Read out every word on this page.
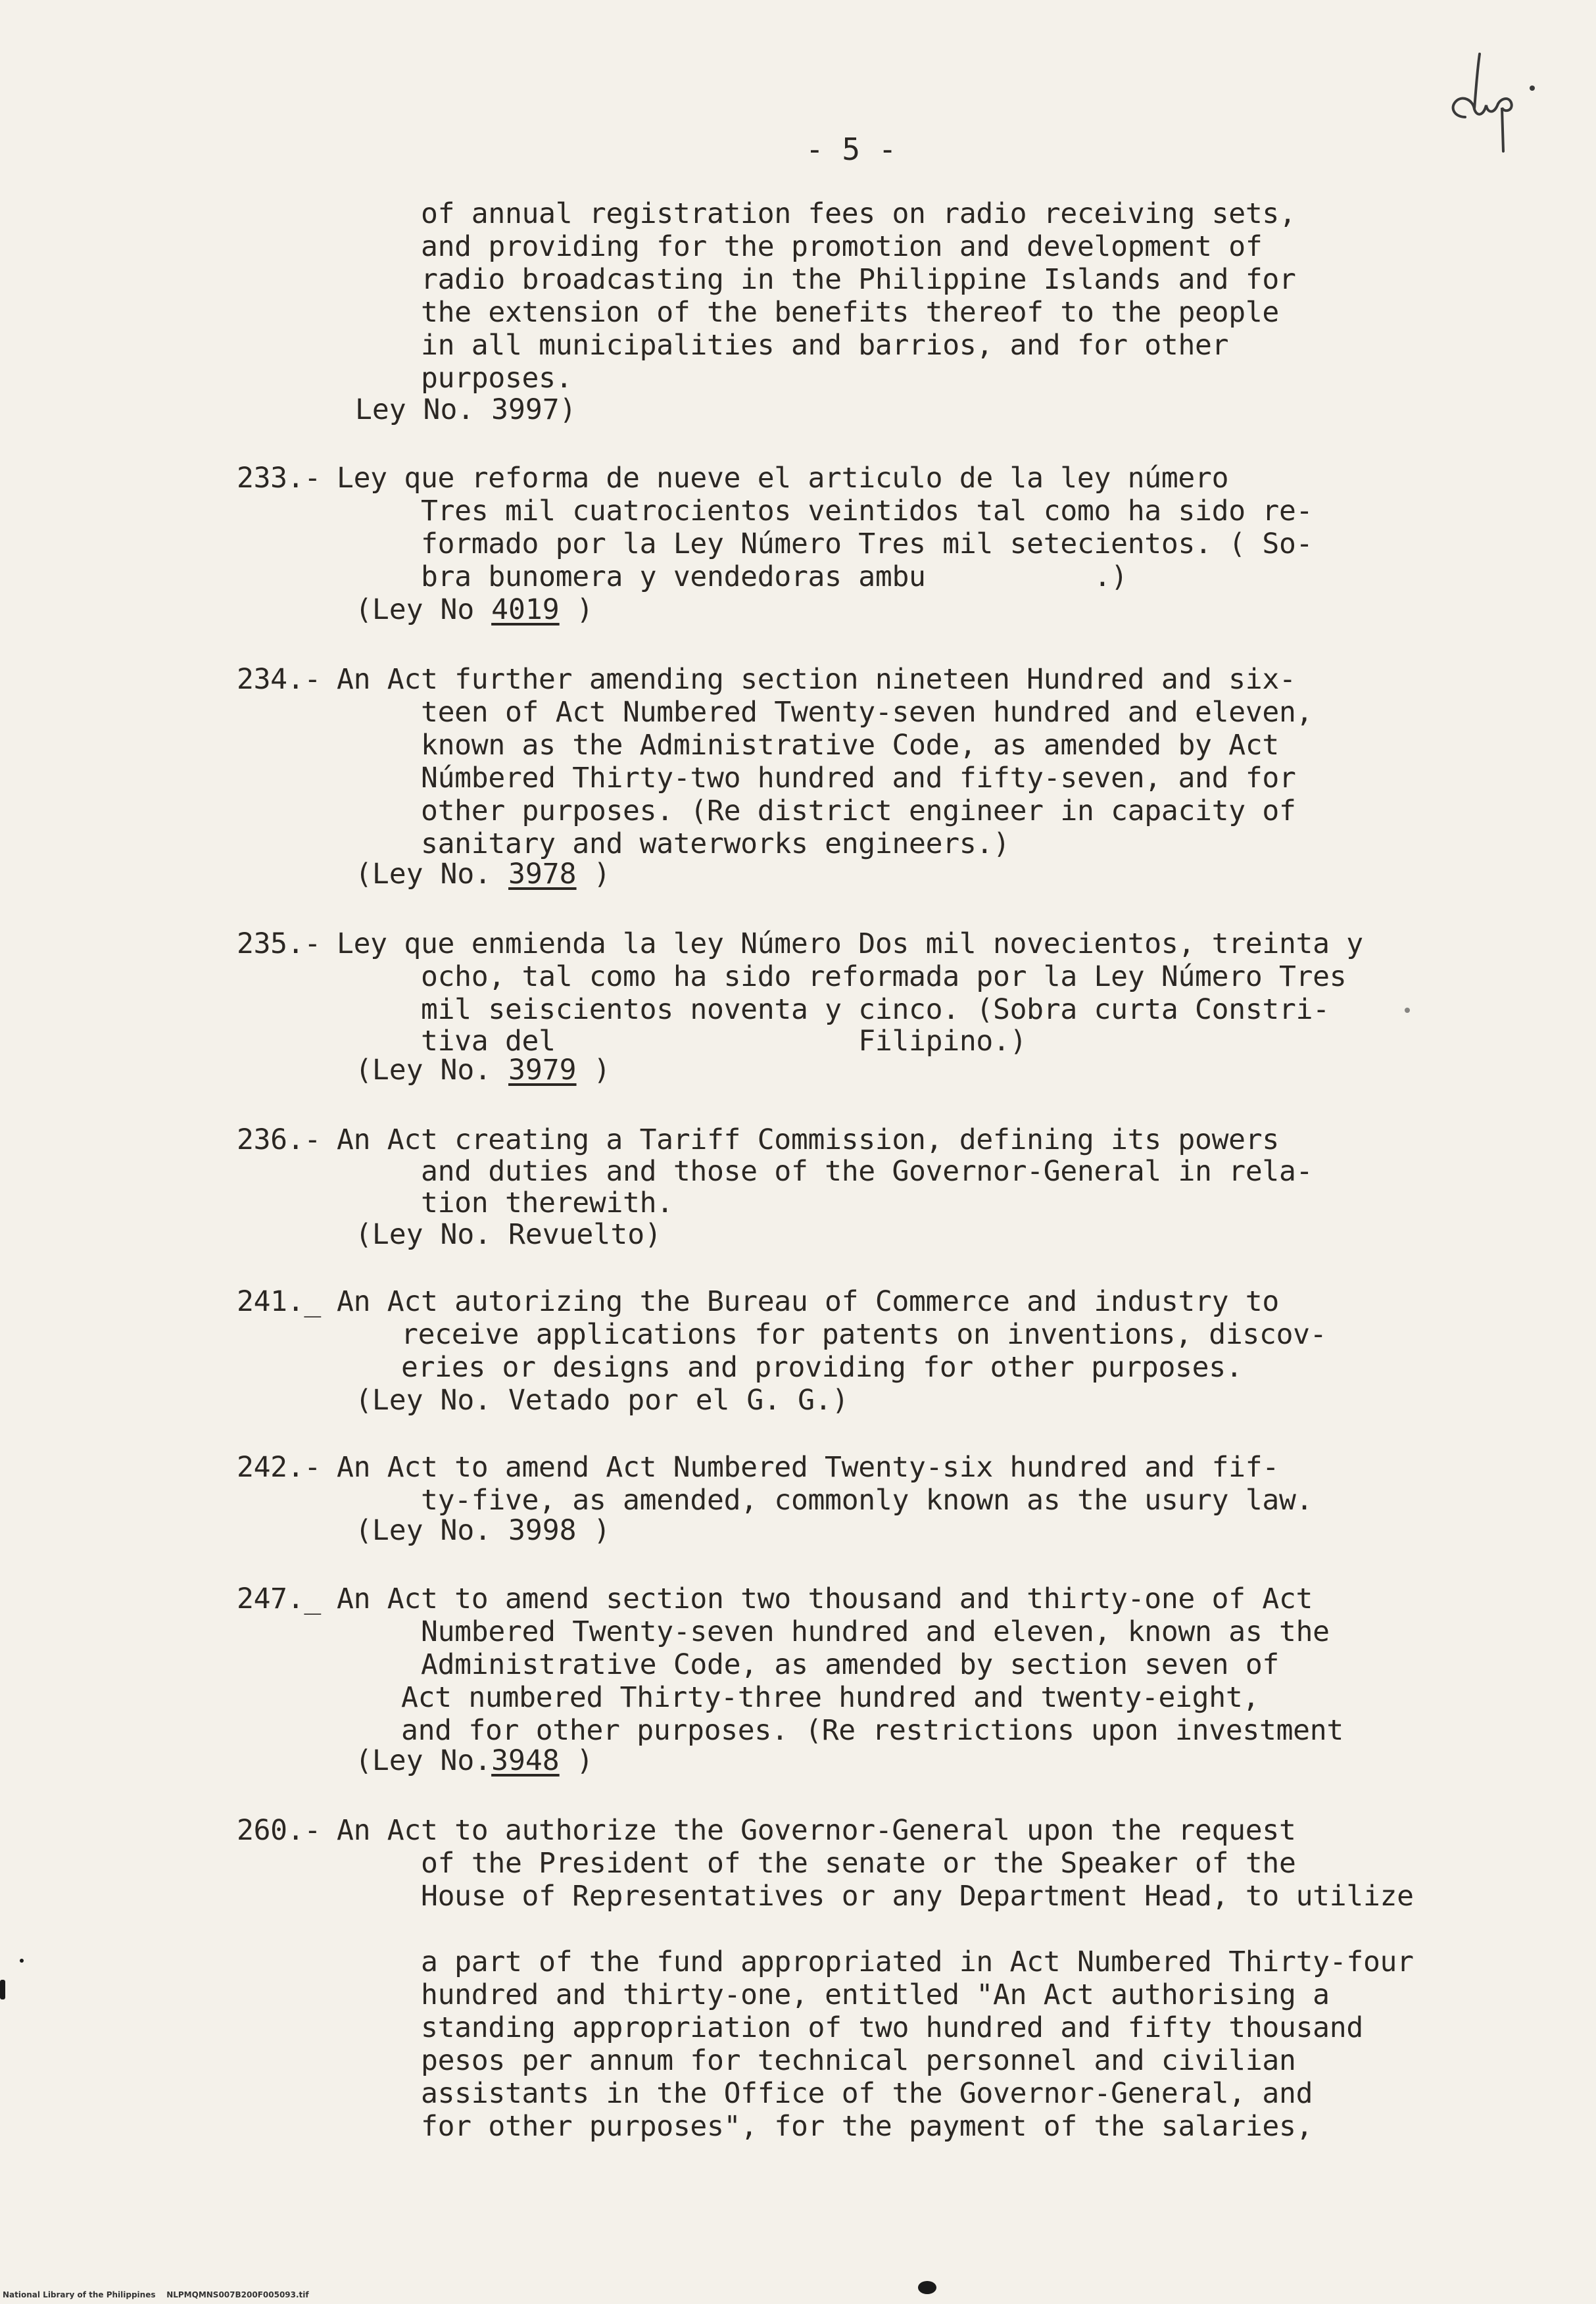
- 5 -
of annual registration fees on radio receiving sets,
and providing for the promotion and development of
radio broadcasting in the Philippine Islands and for
the extension of the benefits thereof to the people
in all municipalities and barrios, and for other
purposes.
Ley No. 3997)
233.- Ley que reforma de nueve el articulo de la ley número
Tres mil cuatrocientos veintidos tal como ha sido re-
formado por la Ley Número Tres mil setecientos. ( So-
bra bunomera y vendedoras ambu          .)
(Ley No 4019 )
234.- An Act further amending section nineteen Hundred and six-
teen of Act Numbered Twenty-seven hundred and eleven,
known as the Administrative Code, as amended by Act
Númbered Thirty-two hundred and fifty-seven, and for
other purposes. (Re district engineer in capacity of
sanitary and waterworks engineers.)
(Ley No. 3978 )
235.- Ley que enmienda la ley Número Dos mil novecientos, treinta y
ocho, tal como ha sido reformada por la Ley Número Tres
mil seiscientos noventa y cinco. (Sobra curta Constri-
tiva del                  Filipino.)
(Ley No. 3979 )
236.- An Act creating a Tariff Commission, defining its powers
and duties and those of the Governor-General in rela-
tion therewith.
(Ley No. Revuelto)
241._ An Act autorizing the Bureau of Commerce and industry to
receive applications for patents on inventions, discov-
eries or designs and providing for other purposes.
(Ley No. Vetado por el G. G.)
242.- An Act to amend Act Numbered Twenty-six hundred and fif-
ty-five, as amended, commonly known as the usury law.
(Ley No. 3998 )
247._ An Act to amend section two thousand and thirty-one of Act
Numbered Twenty-seven hundred and eleven, known as the
Administrative Code, as amended by section seven of
Act numbered Thirty-three hundred and twenty-eight,
and for other purposes. (Re restrictions upon investment
(Ley No.3948 )
260.- An Act to authorize the Governor-General upon the request
of the President of the senate or the Speaker of the
House of Representatives or any Department Head, to utilize
a part of the fund appropriated in Act Numbered Thirty-four
hundred and thirty-one, entitled "An Act authorising a
standing appropriation of two hundred and fifty thousand
pesos per annum for technical personnel and civilian
assistants in the Office of the Governor-General, and
for other purposes", for the payment of the salaries,
National Library of the Philippines    NLPMQMNS007B200F005093.tif
